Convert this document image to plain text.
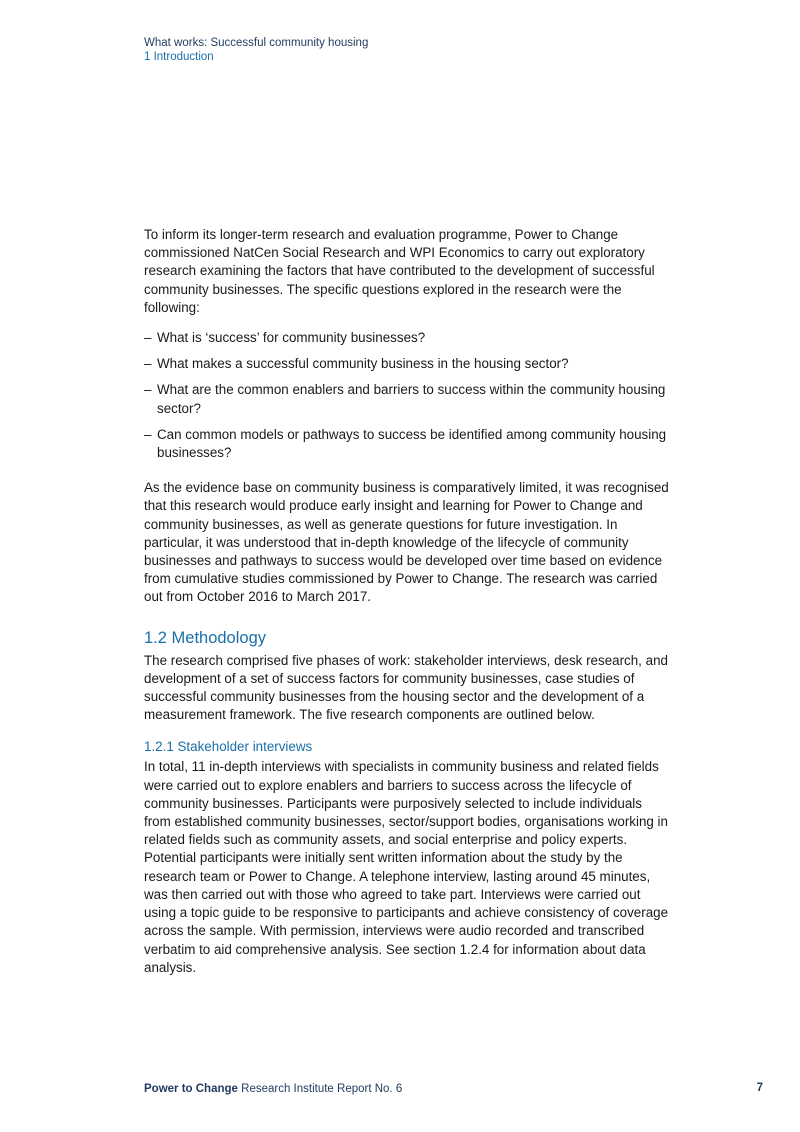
What works: Successful community housing
1 Introduction

To inform its longer-term research and evaluation programme, Power to Change commissioned NatCen Social Research and WPI Economics to carry out exploratory research examining the factors that have contributed to the development of successful community businesses. The specific questions explored in the research were the following:

– What is ‘success’ for community businesses?
– What makes a successful community business in the housing sector?
– What are the common enablers and barriers to success within the community housing sector?
– Can common models or pathways to success be identified among community housing businesses?

As the evidence base on community business is comparatively limited, it was recognised that this research would produce early insight and learning for Power to Change and community businesses, as well as generate questions for future investigation. In particular, it was understood that in-depth knowledge of the lifecycle of community businesses and pathways to success would be developed over time based on evidence from cumulative studies commissioned by Power to Change. The research was carried out from October 2016 to March 2017.

1.2 Methodology

The research comprised five phases of work: stakeholder interviews, desk research, and development of a set of success factors for community businesses, case studies of successful community businesses from the housing sector and the development of a measurement framework. The five research components are outlined below.

1.2.1 Stakeholder interviews

In total, 11 in-depth interviews with specialists in community business and related fields were carried out to explore enablers and barriers to success across the lifecycle of community businesses. Participants were purposively selected to include individuals from established community businesses, sector/support bodies, organisations working in related fields such as community assets, and social enterprise and policy experts. Potential participants were initially sent written information about the study by the research team or Power to Change. A telephone interview, lasting around 45 minutes, was then carried out with those who agreed to take part. Interviews were carried out using a topic guide to be responsive to participants and achieve consistency of coverage across the sample. With permission, interviews were audio recorded and transcribed verbatim to aid comprehensive analysis. See section 1.2.4 for information about data analysis.

Power to Change Research Institute Report No. 6	7
